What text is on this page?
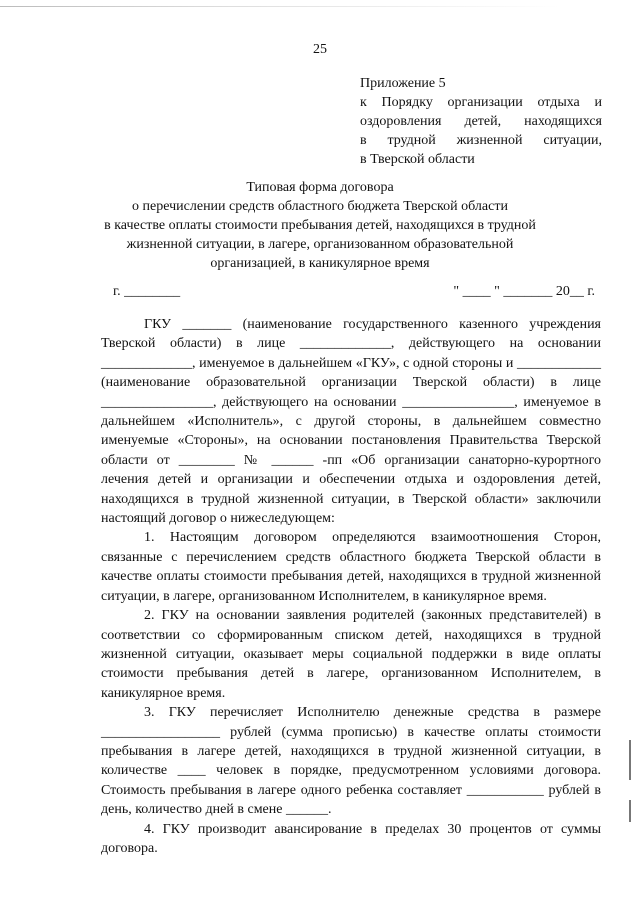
25
Приложение 5
к Порядку организации отдыха и
оздоровления детей, находящихся
в трудной жизненной ситуации,
в Тверской области
Типовая форма договора
о перечислении средств областного бюджета Тверской области
в качестве оплаты стоимости пребывания детей, находящихся в трудной
жизненной ситуации, в лагере, организованном образовательной
организацией, в каникулярное время
г. ________	" ____ " _______ 20__ г.

ГКУ _______ (наименование государственного казенного учреждения Тверской области) в лице _____________, действующего на основании _____________, именуемое в дальнейшем «ГКУ», с одной стороны и ____________ (наименование образовательной организации Тверской области) в лице ________________, действующего на основании ________________, именуемое в дальнейшем «Исполнитель», с другой стороны, в дальнейшем совместно именуемые «Стороны», на основании постановления Правительства Тверской области от ________ № ______ -пп «Об организации санаторно-курортного лечения детей и организации и обеспечении отдыха и оздоровления детей, находящихся в трудной жизненной ситуации, в Тверской области» заключили настоящий договор о нижеследующем:

1. Настоящим договором определяются взаимоотношения Сторон, связанные с перечислением средств областного бюджета Тверской области в качестве оплаты стоимости пребывания детей, находящихся в трудной жизненной ситуации, в лагере, организованном Исполнителем, в каникулярное время.

2. ГКУ на основании заявления родителей (законных представителей) в соответствии со сформированным списком детей, находящихся в трудной жизненной ситуации, оказывает меры социальной поддержки в виде оплаты стоимости пребывания детей в лагере, организованном Исполнителем, в каникулярное время.

3. ГКУ перечисляет Исполнителю денежные средства в размере _________________ рублей (сумма прописью) в качестве оплаты стоимости пребывания в лагере детей, находящихся в трудной жизненной ситуации, в количестве ____ человек в порядке, предусмотренном условиями договора. Стоимость пребывания в лагере одного ребенка составляет ___________ рублей в день, количество дней в смене ______.

4. ГКУ производит авансирование в пределах 30 процентов от суммы договора.
